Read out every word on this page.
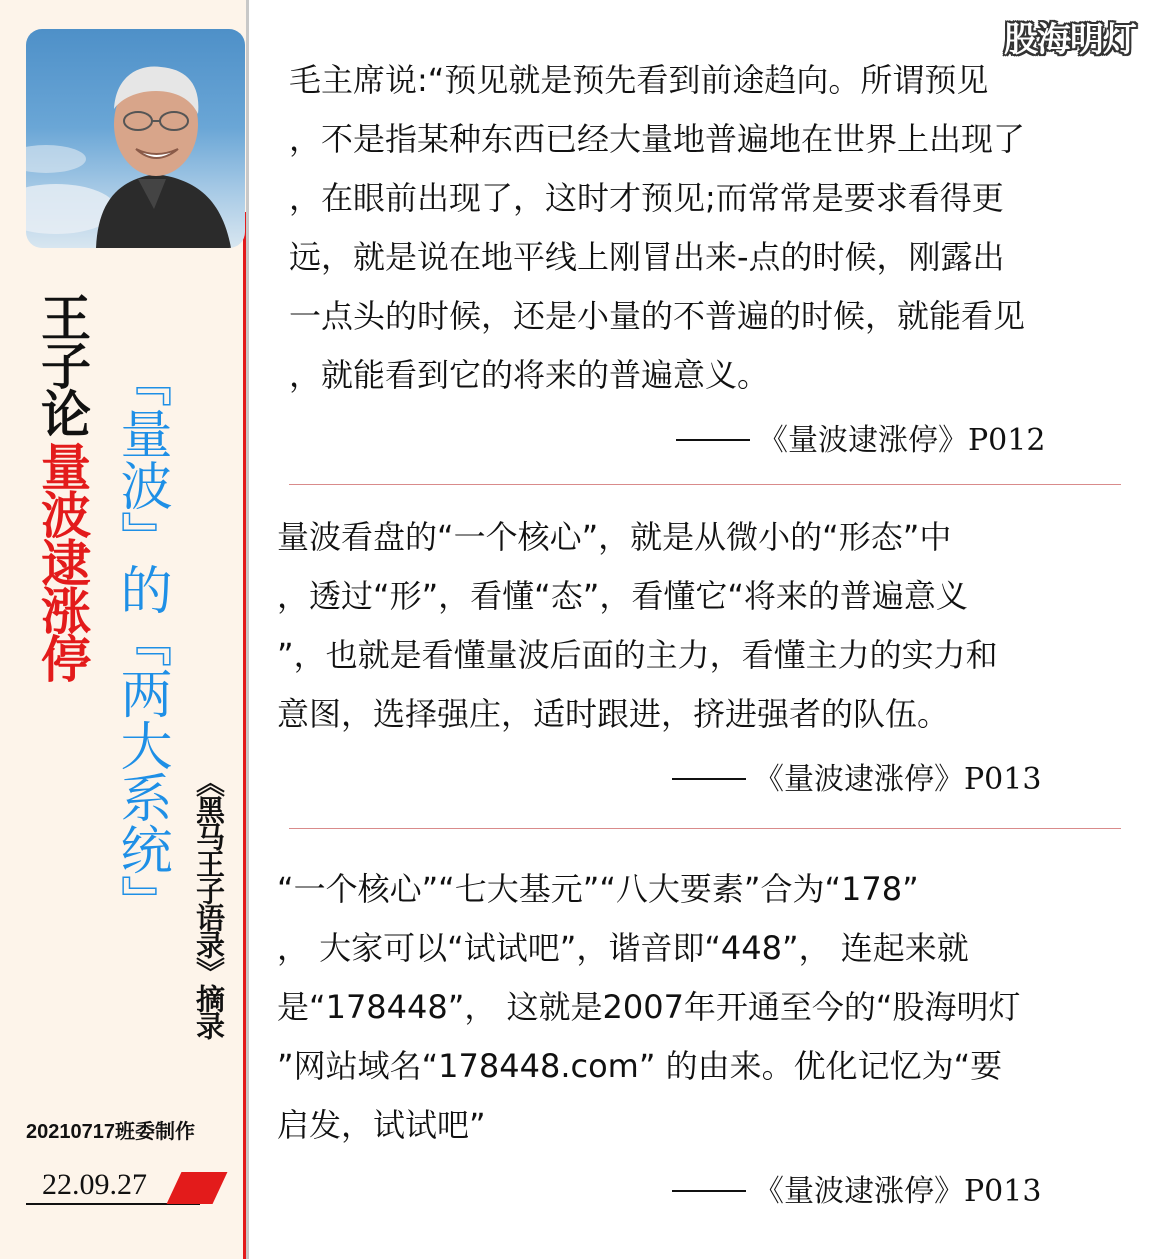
王子论
量波逮涨停 『量波』的『两大系统』 《黑马王子语录》摘录
20210717班委制作
22.09.27
股海明灯
毛主席说:“预见就是预先看到前途趋向。所谓预见
，不是指某种东西已经大量地普遍地在世界上出现了
，在眼前出现了，这时才预见;而常常是要求看得更
远，就是说在地平线上刚冒出来-点的时候，刚露出
一点头的时候，还是小量的不普遍的时候，就能看见
，就能看到它的将来的普遍意义。
《量波逮涨停》P012
量波看盘的“一个核心”，就是从微小的“形态”中
，透过“形”，看懂“态”，看懂它“将来的普遍意义
”，也就是看懂量波后面的主力，看懂主力的实力和
意图，选择强庄，适时跟进，挤进强者的队伍。
《量波逮涨停》P013
“一个核心”“七大基元”“八大要素”合为“178”
， 大家可以“试试吧”，谐音即“448”， 连起来就
是“178448”， 这就是2007年开通至今的“股海明灯
”网站域名“178448.com” 的由来。优化记忆为“要
启发，试试吧”
《量波逮涨停》P013
